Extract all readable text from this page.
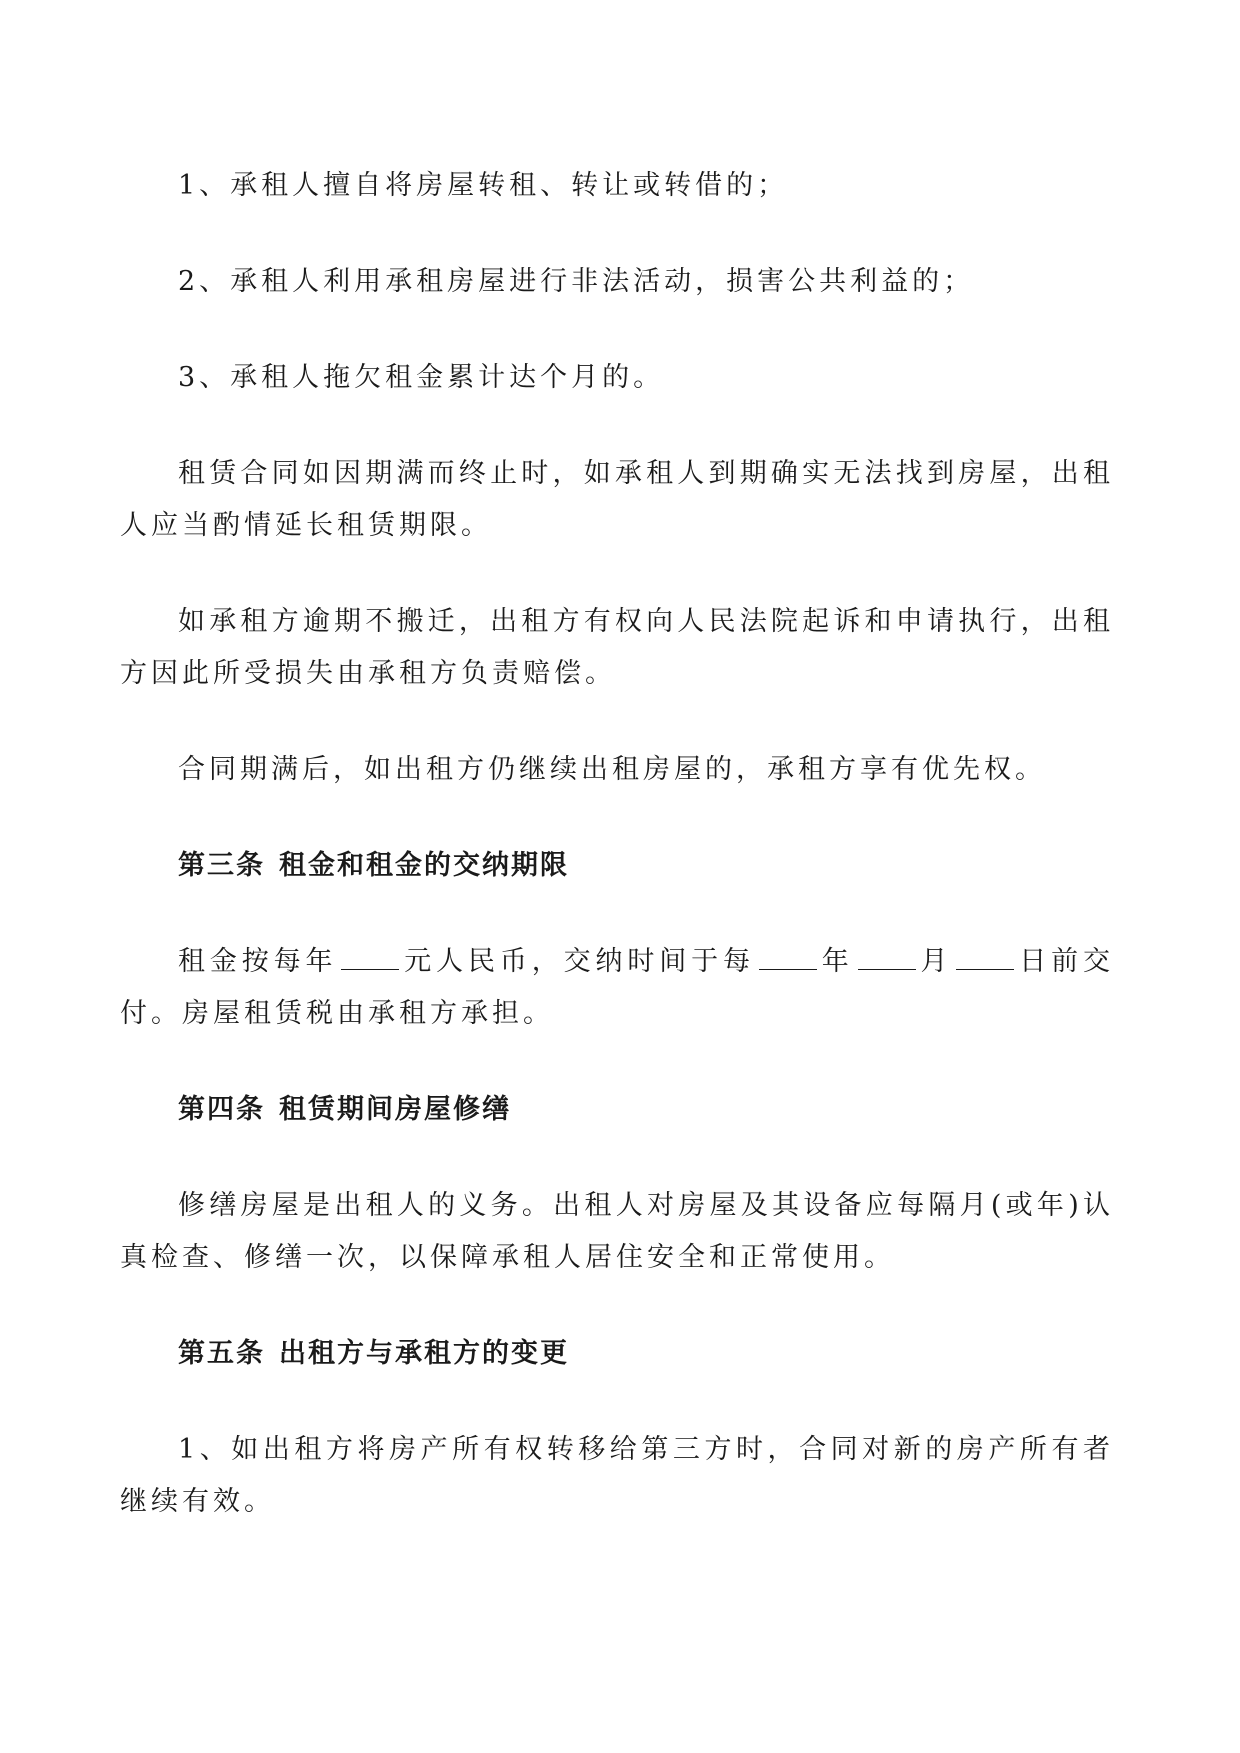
1、承租人擅自将房屋转租、转让或转借的；

2、承租人利用承租房屋进行非法活动，损害公共利益的；

3、承租人拖欠租金累计达个月的。

租赁合同如因期满而终止时，如承租人到期确实无法找到房屋，出租人应当酌情延长租赁期限。

如承租方逾期不搬迁，出租方有权向人民法院起诉和申请执行，出租方因此所受损失由承租方负责赔偿。

合同期满后，如出租方仍继续出租房屋的，承租方享有优先权。

第三条 租金和租金的交纳期限

租金按每年 元人民币，交纳时间于每 年 月 日前交付。房屋租赁税由承租方承担。

第四条 租赁期间房屋修缮

修缮房屋是出租人的义务。出租人对房屋及其设备应每隔月(或年)认真检查、修缮一次，以保障承租人居住安全和正常使用。

第五条 出租方与承租方的变更

1、如出租方将房产所有权转移给第三方时，合同对新的房产所有者继续有效。
